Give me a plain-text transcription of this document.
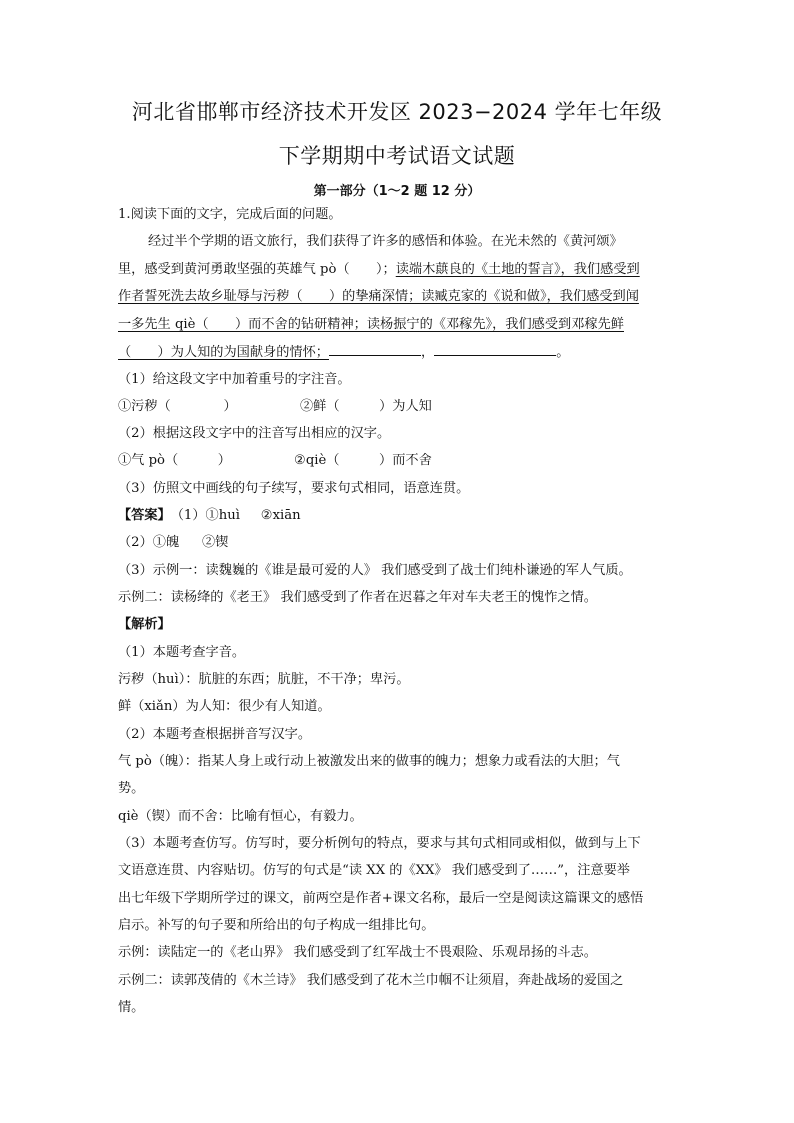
河北省邯郸市经济技术开发区 2023−2024 学年七年级
下学期期中考试语文试题
第一部分（1～2 题 12 分）
1.阅读下面的文字，完成后面的问题。
经过半个学期的语文旅行，我们获得了许多的感悟和体验。在光未然的《黄河颂》
里，感受到黄河勇敢坚强的英雄气 pò（　　）；读端木蕻良的《土地的誓言》，我们感受到
作者誓死洗去故乡耻辱与污秽（　　）的挚痛深情；读臧克家的《说和做》，我们感受到闻
一多先生 qiè（　　）而不舍的钻研精神；读杨振宁的《邓稼先》，我们感受到邓稼先鲜
（　　）为人知的为国献身的情怀；	，	。
（1）给这段文字中加着重号的字注音。
①污秽（　　　　）	②鲜（　　　）为人知
（2）根据这段文字中的注音写出相应的汉字。
①气 pò（　　　）	②qiè（　　　）而不舍
（3）仿照文中画线的句子续写，要求句式相同，语意连贯。
【答案】（1）①huì ②xiān
（2）①魄 ②锲
（3）示例一：读魏巍的《谁是最可爱的人》 我们感受到了战士们纯朴谦逊的军人气质。
示例二：读杨绛的《老王》 我们感受到了作者在迟暮之年对车夫老王的愧怍之情。
【解析】
（1）本题考查字音。
污秽（huì）：肮脏的东西；肮脏，不干净；卑污。
鲜（xiǎn）为人知：很少有人知道。
（2）本题考查根据拼音写汉字。
气 pò（魄）：指某人身上或行动上被激发出来的做事的魄力；想象力或看法的大胆；气
势。
qiè（锲）而不舍：比喻有恒心，有毅力。
（3）本题考查仿写。仿写时，要分析例句的特点，要求与其句式相同或相似，做到与上下
文语意连贯、内容贴切。仿写的句式是“读 XX 的《XX》 我们感受到了……”，注意要举
出七年级下学期所学过的课文，前两空是作者+课文名称，最后一空是阅读这篇课文的感悟
启示。补写的句子要和所给出的句子构成一组排比句。
示例：读陆定一的《老山界》 我们感受到了红军战士不畏艰险、乐观昂扬的斗志。
示例二：读郭茂倩的《木兰诗》 我们感受到了花木兰巾帼不让须眉，奔赴战场的爱国之
情。
